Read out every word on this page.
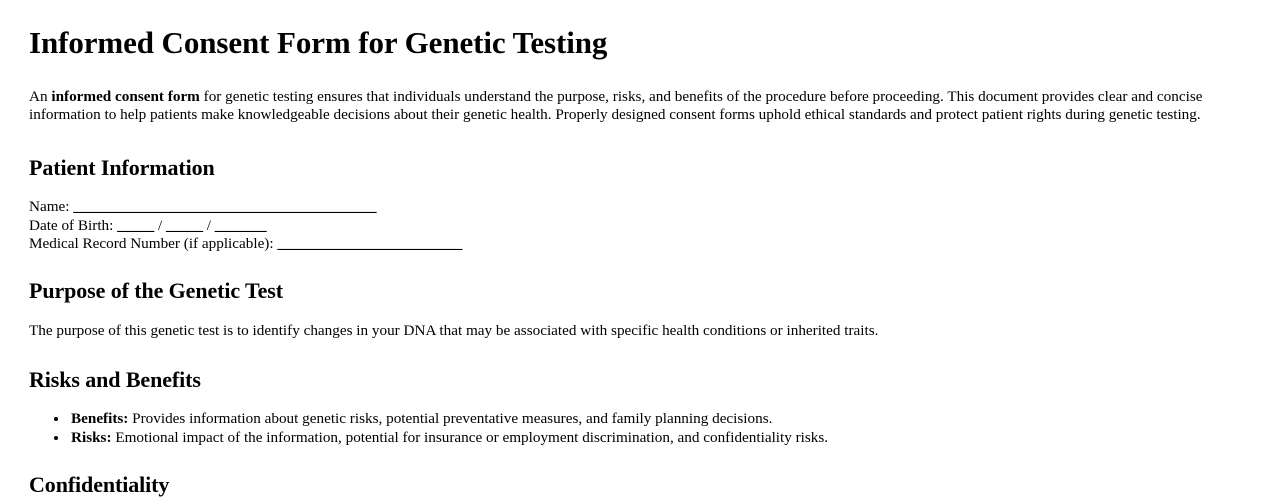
Informed Consent Form for Genetic Testing

An informed consent form for genetic testing ensures that individuals understand the purpose, risks, and benefits of the procedure before proceeding. This document provides clear and concise information to help patients make knowledgeable decisions about their genetic health. Properly designed consent forms uphold ethical standards and protect patient rights during genetic testing.

Patient Information
Name: _________________________________________
Date of Birth: _____ / _____ / _______
Medical Record Number (if applicable): _________________________
Purpose of the Genetic Test

The purpose of this genetic test is to identify changes in your DNA that may be associated with specific health conditions or inherited traits.

Risks and Benefits
• Benefits: Provides information about genetic risks, potential preventative measures, and family planning decisions.
• Risks: Emotional impact of the information, potential for insurance or employment discrimination, and confidentiality risks.
Confidentiality
